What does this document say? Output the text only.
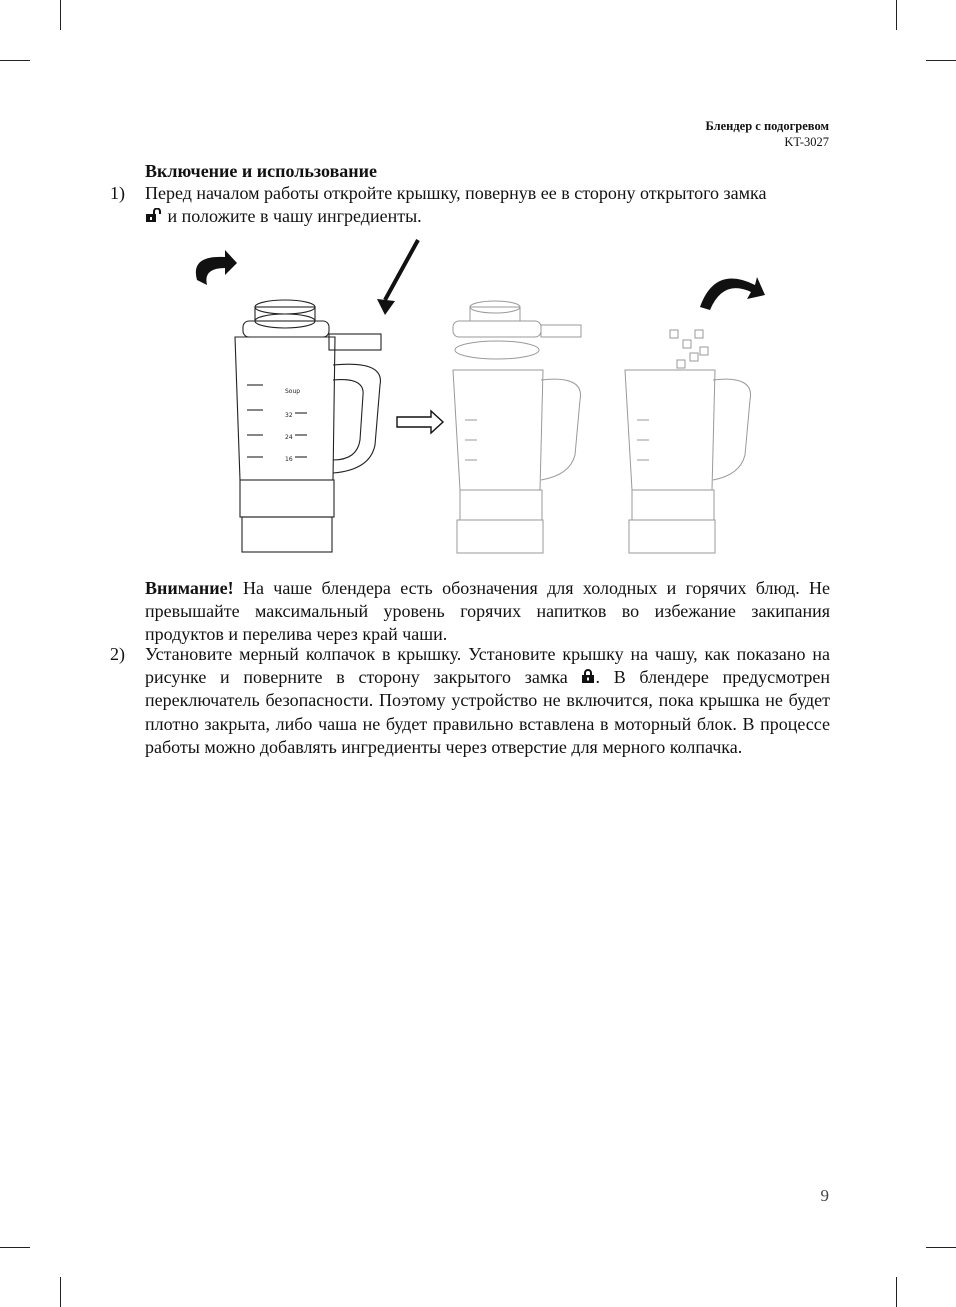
Блендер с подогревом
KT-3027
Включение и использование
1) Перед началом работы откройте крышку, повернув ее в сторону открытого замка
и положите в чашу ингредиенты.
Soup
32
24
16
Внимание! На чаше блендера есть обозначения для холодных и горячих блюд. Не превышайте максимальный уровень горячих напитков во избежание закипания продуктов и перелива через край чаши.
2) Установите мерный колпачок в крышку. Установите крышку на чашу, как показано на рисунке и поверните в сторону закрытого замка . В блендере предусмотрен переключатель безопасности. Поэтому устройство не включится, пока крышка не будет плотно закрыта, либо чаша не будет правильно вставлена в моторный блок. В процессе работы можно добавлять ингредиенты через отверстие для мерного колпачка.
9
